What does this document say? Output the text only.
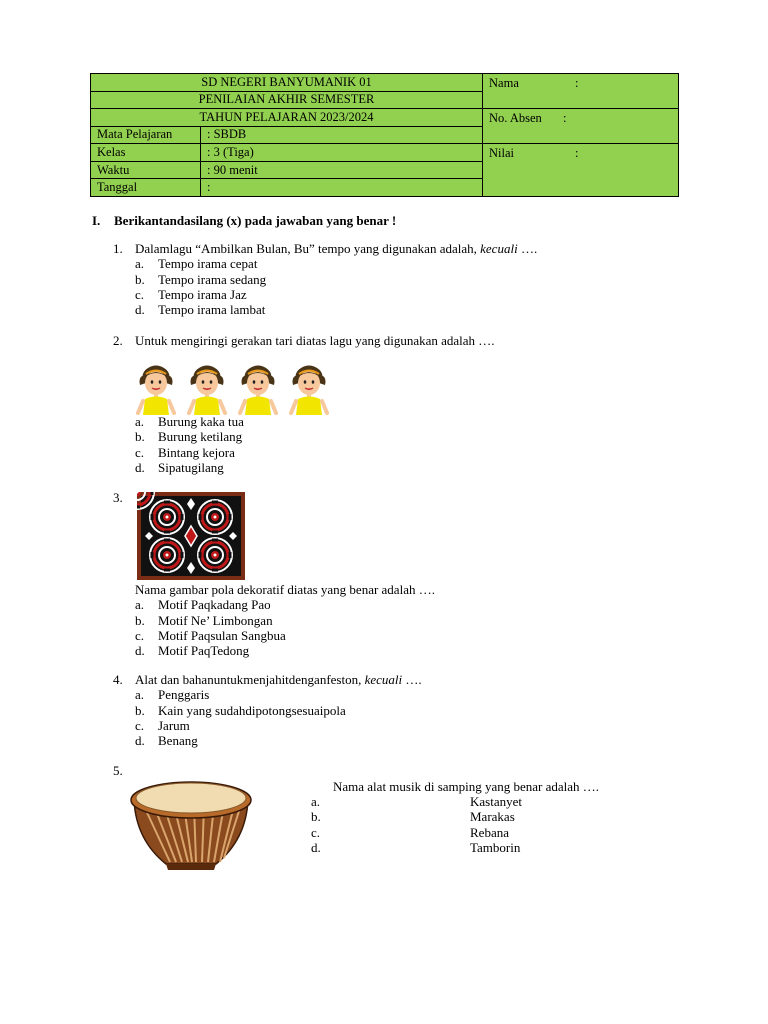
SD NEGERI BANYUMANIK 01		Nama :
PENILAIAN AKHIR SEMESTER		
TAHUN PELAJARAN 2023/2024		No. Absen :
Mata Pelajaran	: SBDB	
Kelas	: 3 (Tiga)	Nilai :
Waktu	: 90 menit	
Tanggal	:	
I. Berikantandasilang (x) pada jawaban yang benar !
1. Dalamlagu “Ambilkan Bulan, Bu” tempo yang digunakan adalah, kecuali ….
a. Tempo irama cepat
b. Tempo irama sedang
c. Tempo irama Jaz
d. Tempo irama lambat
2. Untuk mengiringi gerakan tari diatas lagu yang digunakan adalah ….
a. Burung kaka tua
b. Burung ketilang
c. Bintang kejora
d. Sipatugilang
3.
Nama gambar pola dekoratif diatas yang benar adalah ….
a. Motif Paqkadang Pao
b. Motif Ne’ Limbongan
c. Motif Paqsulan Sangbua
d. Motif PaqTedong
4. Alat dan bahanuntukmenjahitdenganfeston, kecuali ….
a. Penggaris
b. Kain yang sudahdipotongsesuaipola
c. Jarum
d. Benang
5.
Nama alat musik di samping yang benar adalah ….
a.	Kastanyet
b.	Marakas
c.	Rebana
d.	Tamborin
